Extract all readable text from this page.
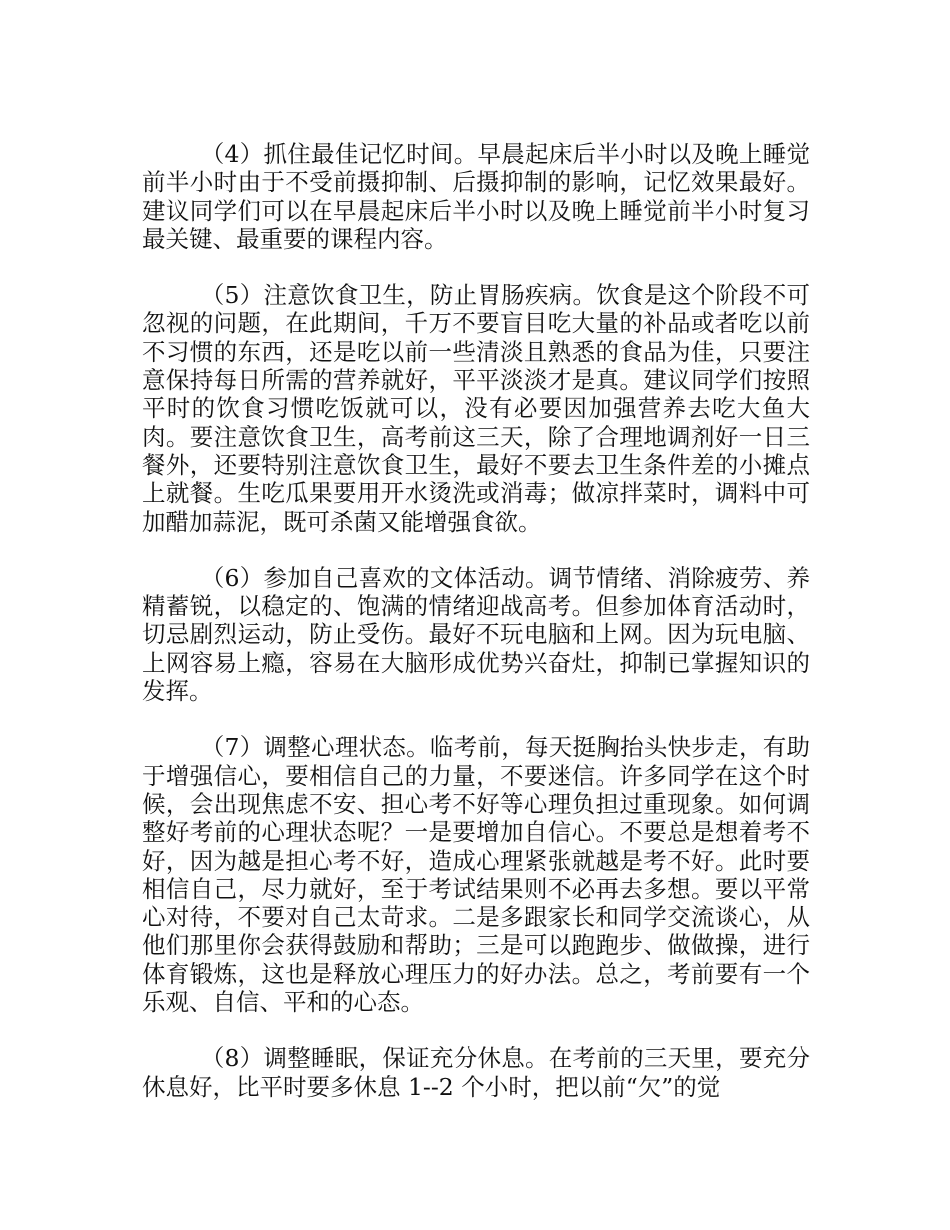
（4）抓住最佳记忆时间。早晨起床后半小时以及晚上睡觉前半小时由于不受前摄抑制、后摄抑制的影响，记忆效果最好。建议同学们可以在早晨起床后半小时以及晚上睡觉前半小时复习最关键、最重要的课程内容。

（5）注意饮食卫生，防止胃肠疾病。饮食是这个阶段不可忽视的问题，在此期间，千万不要盲目吃大量的补品或者吃以前不习惯的东西，还是吃以前一些清淡且熟悉的食品为佳，只要注意保持每日所需的营养就好，平平淡淡才是真。建议同学们按照平时的饮食习惯吃饭就可以，没有必要因加强营养去吃大鱼大肉。要注意饮食卫生，高考前这三天，除了合理地调剂好一日三餐外，还要特别注意饮食卫生，最好不要去卫生条件差的小摊点上就餐。生吃瓜果要用开水烫洗或消毒；做凉拌菜时，调料中可加醋加蒜泥，既可杀菌又能增强食欲。

（6）参加自己喜欢的文体活动。调节情绪、消除疲劳、养精蓄锐，以稳定的、饱满的情绪迎战高考。但参加体育活动时，切忌剧烈运动，防止受伤。最好不玩电脑和上网。因为玩电脑、上网容易上瘾，容易在大脑形成优势兴奋灶，抑制已掌握知识的发挥。

（7）调整心理状态。临考前，每天挺胸抬头快步走，有助于增强信心，要相信自己的力量，不要迷信。许多同学在这个时候，会出现焦虑不安、担心考不好等心理负担过重现象。如何调整好考前的心理状态呢？一是要增加自信心。不要总是想着考不好，因为越是担心考不好，造成心理紧张就越是考不好。此时要相信自己，尽力就好，至于考试结果则不必再去多想。要以平常心对待，不要对自己太苛求。二是多跟家长和同学交流谈心，从他们那里你会获得鼓励和帮助；三是可以跑跑步、做做操，进行体育锻炼，这也是释放心理压力的好办法。总之，考前要有一个乐观、自信、平和的心态。

（8）调整睡眠，保证充分休息。在考前的三天里，要充分休息好，比平时要多休息 1--2 个小时，把以前“欠”的觉
